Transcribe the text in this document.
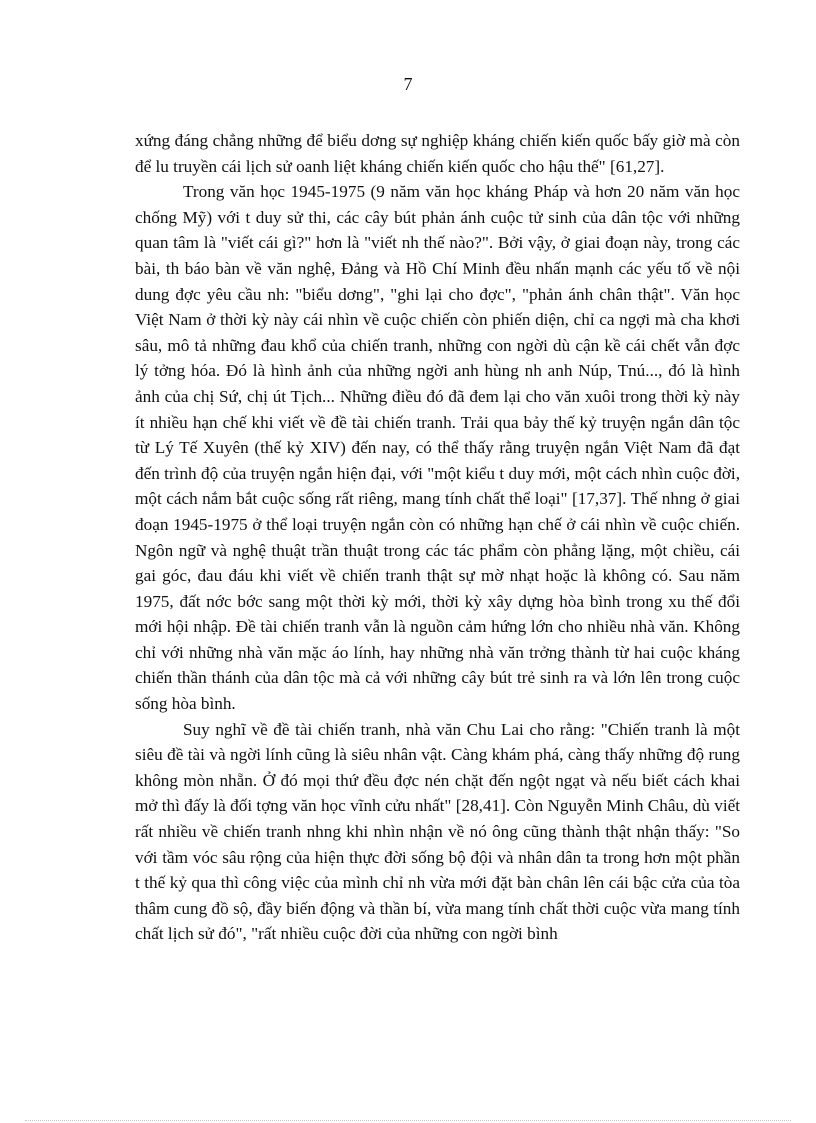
7

xứng đáng chẳng những để biểu dơng sự nghiệp kháng chiến kiến quốc bấy giờ mà còn để lu truyền cái lịch sử oanh liệt kháng chiến kiến quốc cho hậu thế" [61,27].

Trong văn học 1945-1975 (9 năm văn học kháng Pháp và hơn 20 năm văn học chống Mỹ) với t duy sử thi, các cây bút phản ánh cuộc tử sinh của dân tộc với những quan tâm là "viết cái gì?" hơn là "viết nh thế nào?". Bởi vậy, ở giai đoạn này, trong các bài, th báo bàn về văn nghệ, Đảng và Hồ Chí Minh đều nhấn mạnh các yếu tố về nội dung đợc yêu cầu nh: "biểu dơng", "ghi lại cho đợc", "phản ánh chân thật". Văn học Việt Nam ở thời kỳ này cái nhìn về cuộc chiến còn phiến diện, chỉ ca ngợi mà cha khơi sâu, mô tả những đau khổ của chiến tranh, những con ngời dù cận kề cái chết vẫn đợc lý tởng hóa. Đó là hình ảnh của những ngời anh hùng nh anh Núp, Tnú..., đó là hình ảnh của chị Sứ, chị út Tịch... Những điều đó đã đem lại cho văn xuôi trong thời kỳ này ít nhiều hạn chế khi viết về đề tài chiến tranh. Trải qua bảy thế kỷ truyện ngắn dân tộc từ Lý Tế Xuyên (thế kỷ XIV) đến nay, có thể thấy rằng truyện ngắn Việt Nam đã đạt đến trình độ của truyện ngắn hiện đại, với "một kiểu t duy mới, một cách nhìn cuộc đời, một cách nắm bắt cuộc sống rất riêng, mang tính chất thể loại" [17,37]. Thế nhng ở giai đoạn 1945-1975 ở thể loại truyện ngắn còn có những hạn chế ở cái nhìn về cuộc chiến. Ngôn ngữ và nghệ thuật trần thuật trong các tác phẩm còn phẳng lặng, một chiều, cái gai góc, đau đáu khi viết về chiến tranh thật sự mờ nhạt hoặc là không có. Sau năm 1975, đất nớc bớc sang một thời kỳ mới, thời kỳ xây dựng hòa bình trong xu thế đổi mới hội nhập. Đề tài chiến tranh vẫn là nguồn cảm hứng lớn cho nhiều nhà văn. Không chỉ với những nhà văn mặc áo lính, hay những nhà văn trởng thành từ hai cuộc kháng chiến thần thánh của dân tộc mà cả với những cây bút trẻ sinh ra và lớn lên trong cuộc sống hòa bình.

Suy nghĩ về đề tài chiến tranh, nhà văn Chu Lai cho rằng: "Chiến tranh là một siêu đề tài và ngời lính cũng là siêu nhân vật. Càng khám phá, càng thấy những độ rung không mòn nhẵn. Ở đó mọi thứ đều đợc nén chặt đến ngột ngạt và nếu biết cách khai mở thì đấy là đối tợng văn học vĩnh cửu nhất" [28,41]. Còn Nguyễn Minh Châu, dù viết rất nhiều về chiến tranh nhng khi nhìn nhận về nó ông cũng thành thật nhận thấy: "So với tầm vóc sâu rộng của hiện thực đời sống bộ đội và nhân dân ta trong hơn một phần t thế kỷ qua thì công việc của mình chỉ nh vừa mới đặt bàn chân lên cái bậc cửa của tòa thâm cung đồ sộ, đầy biến động và thần bí, vừa mang tính chất thời cuộc vừa mang tính chất lịch sử đó", "rất nhiều cuộc đời của những con ngời bình
